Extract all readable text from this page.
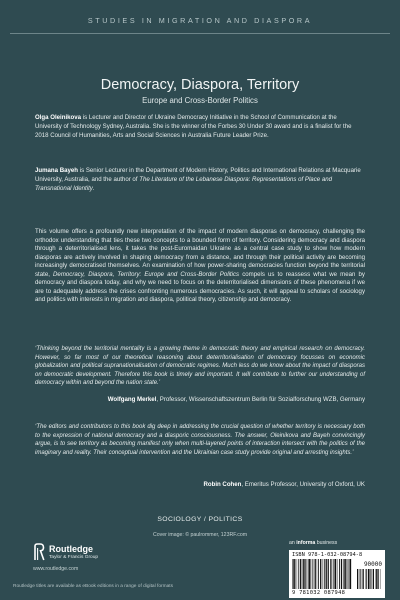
STUDIES IN MIGRATION AND DIASPORA
Democracy, Diaspora, Territory
Europe and Cross-Border Politics
Olga Oleinikova is Lecturer and Director of Ukraine Democracy Initiative in the School of Communication at the University of Technology Sydney, Australia. She is the winner of the Forbes 30 Under 30 award and is a finalist for the 2018 Council of Humanities, Arts and Social Sciences in Australia Future Leader Prize.
Jumana Bayeh is Senior Lecturer in the Department of Modern History, Politics and International Relations at Macquarie University, Australia, and the author of The Literature of the Lebanese Diaspora: Representations of Place and Transnational Identity.
This volume offers a profoundly new interpretation of the impact of modern diasporas on democracy, challenging the orthodox understanding that ties these two concepts to a bounded form of territory. Considering democracy and diaspora through a deterritorialised lens, it takes the post-Euromaidan Ukraine as a central case study to show how modern diasporas are actively involved in shaping democracy from a distance, and through their political activity are becoming increasingly democratised themselves. An examination of how power-sharing democracies function beyond the territorial state, Democracy, Diaspora, Territory: Europe and Cross-Border Politics compels us to reassess what we mean by democracy and diaspora today, and why we need to focus on the deterritorialised dimensions of these phenomena if we are to adequately address the crises confronting numerous democracies. As such, it will appeal to scholars of sociology and politics with interests in migration and diaspora, political theory, citizenship and democracy.
‘Thinking beyond the territorial mentality is a growing theme in democratic theory and empirical research on democracy. However, so far most of our theoretical reasoning about deterritorialisation of democracy focusses on economic globalization and political supranationalisation of democratic regimes. Much less do we know about the impact of diasporas on democratic development. Therefore this book is timely and important. It will contribute to further our understanding of democracy within and beyond the nation state.’
Wolfgang Merkel, Professor, Wissenschaftszentrum Berlin für Sozialforschung WZB, Germany
‘The editors and contributors to this book dig deep in addressing the crucial question of whether territory is necessary both to the expression of national democracy and a diasporic consciousness. The answer, Oleinikova and Bayeh convincingly argue, is to see territory as becoming manifest only when multi-layered points of interaction intersect with the politics of the imaginary and reality. Their conceptual intervention and the Ukrainian case study provide original and arresting insights.’
Robin Cohen, Emeritus Professor, University of Oxford, UK
SOCIOLOGY / POLITICS
Cover image: © paulrommer, 123RF.com
Routledge
Taylor & Francis Group
www.routledge.com
Routledge titles are available as eBook editions in a range of digital formats
an informa business
ISBN 978-1-032-08794-8
90000
9 781032 087948
